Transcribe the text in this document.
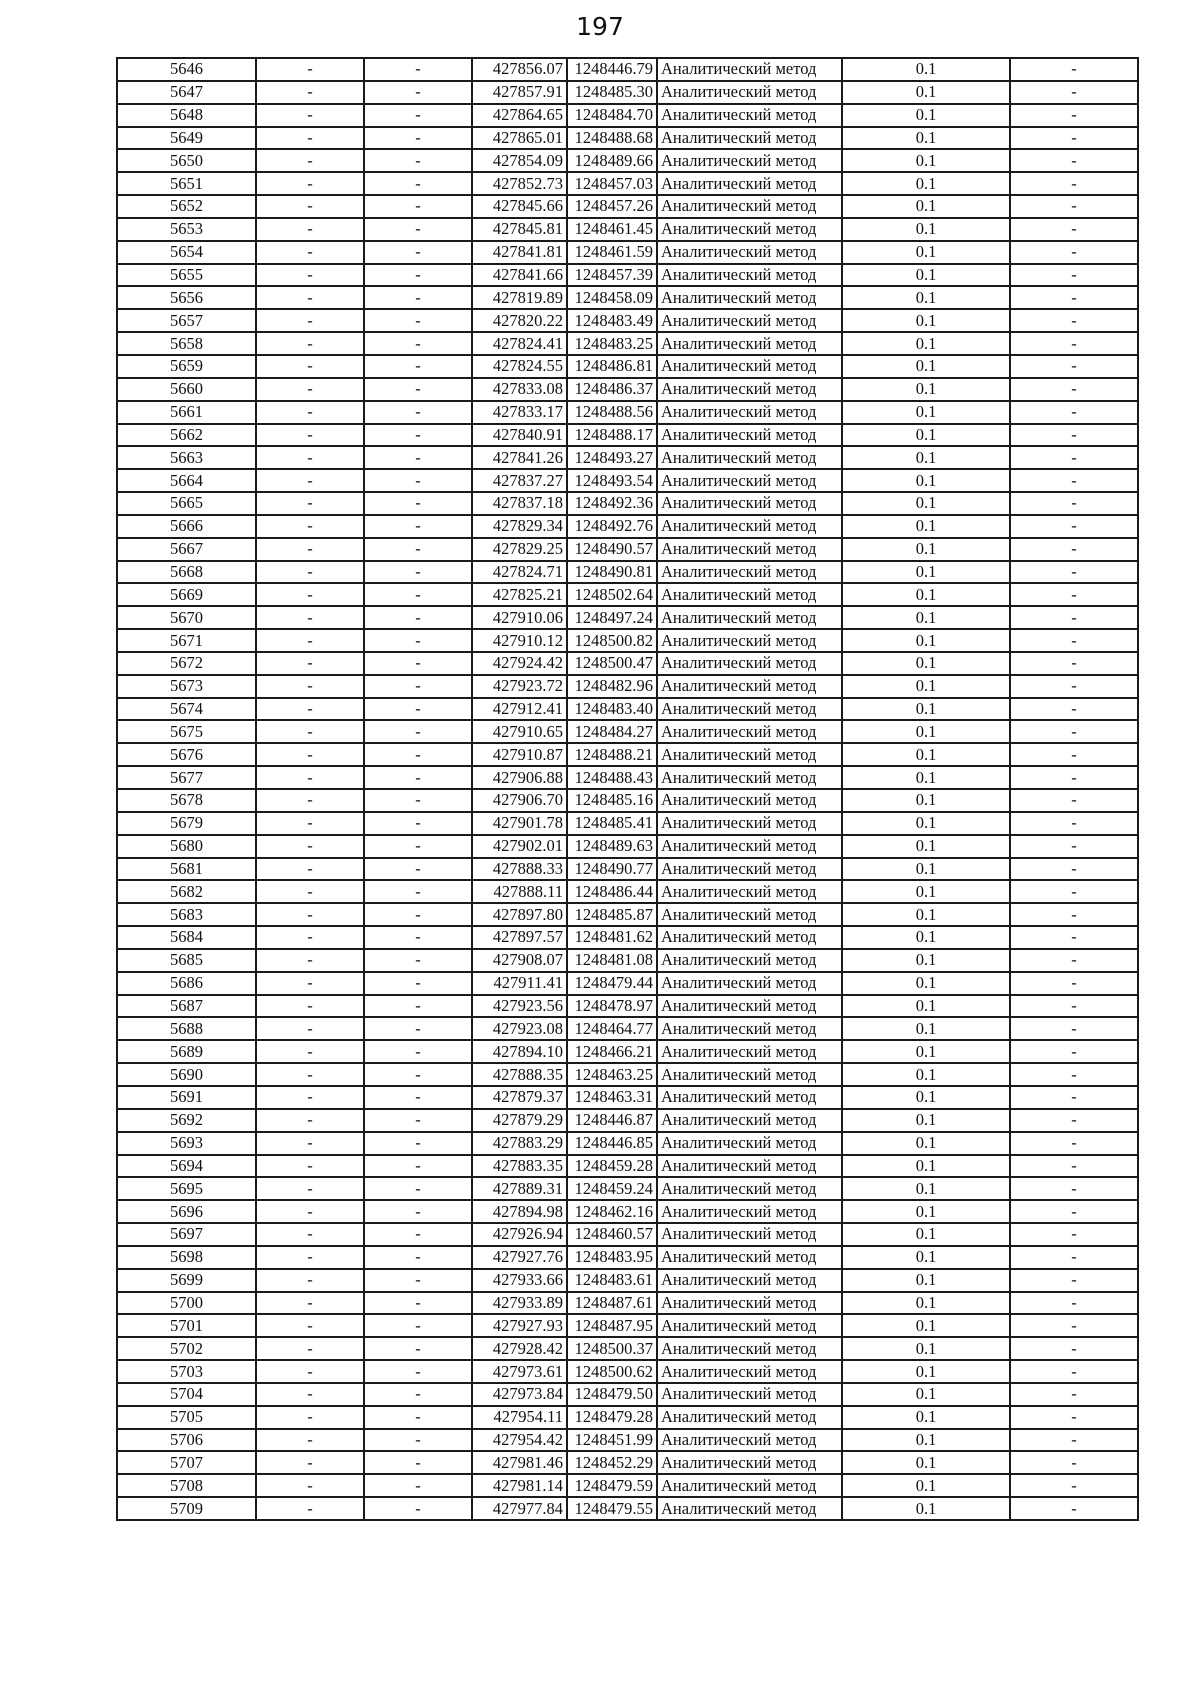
197
5646	-	-	427856.07	1248446.79	Аналитический метод	0.1	-
5647	-	-	427857.91	1248485.30	Аналитический метод	0.1	-
5648	-	-	427864.65	1248484.70	Аналитический метод	0.1	-
5649	-	-	427865.01	1248488.68	Аналитический метод	0.1	-
5650	-	-	427854.09	1248489.66	Аналитический метод	0.1	-
5651	-	-	427852.73	1248457.03	Аналитический метод	0.1	-
5652	-	-	427845.66	1248457.26	Аналитический метод	0.1	-
5653	-	-	427845.81	1248461.45	Аналитический метод	0.1	-
5654	-	-	427841.81	1248461.59	Аналитический метод	0.1	-
5655	-	-	427841.66	1248457.39	Аналитический метод	0.1	-
5656	-	-	427819.89	1248458.09	Аналитический метод	0.1	-
5657	-	-	427820.22	1248483.49	Аналитический метод	0.1	-
5658	-	-	427824.41	1248483.25	Аналитический метод	0.1	-
5659	-	-	427824.55	1248486.81	Аналитический метод	0.1	-
5660	-	-	427833.08	1248486.37	Аналитический метод	0.1	-
5661	-	-	427833.17	1248488.56	Аналитический метод	0.1	-
5662	-	-	427840.91	1248488.17	Аналитический метод	0.1	-
5663	-	-	427841.26	1248493.27	Аналитический метод	0.1	-
5664	-	-	427837.27	1248493.54	Аналитический метод	0.1	-
5665	-	-	427837.18	1248492.36	Аналитический метод	0.1	-
5666	-	-	427829.34	1248492.76	Аналитический метод	0.1	-
5667	-	-	427829.25	1248490.57	Аналитический метод	0.1	-
5668	-	-	427824.71	1248490.81	Аналитический метод	0.1	-
5669	-	-	427825.21	1248502.64	Аналитический метод	0.1	-
5670	-	-	427910.06	1248497.24	Аналитический метод	0.1	-
5671	-	-	427910.12	1248500.82	Аналитический метод	0.1	-
5672	-	-	427924.42	1248500.47	Аналитический метод	0.1	-
5673	-	-	427923.72	1248482.96	Аналитический метод	0.1	-
5674	-	-	427912.41	1248483.40	Аналитический метод	0.1	-
5675	-	-	427910.65	1248484.27	Аналитический метод	0.1	-
5676	-	-	427910.87	1248488.21	Аналитический метод	0.1	-
5677	-	-	427906.88	1248488.43	Аналитический метод	0.1	-
5678	-	-	427906.70	1248485.16	Аналитический метод	0.1	-
5679	-	-	427901.78	1248485.41	Аналитический метод	0.1	-
5680	-	-	427902.01	1248489.63	Аналитический метод	0.1	-
5681	-	-	427888.33	1248490.77	Аналитический метод	0.1	-
5682	-	-	427888.11	1248486.44	Аналитический метод	0.1	-
5683	-	-	427897.80	1248485.87	Аналитический метод	0.1	-
5684	-	-	427897.57	1248481.62	Аналитический метод	0.1	-
5685	-	-	427908.07	1248481.08	Аналитический метод	0.1	-
5686	-	-	427911.41	1248479.44	Аналитический метод	0.1	-
5687	-	-	427923.56	1248478.97	Аналитический метод	0.1	-
5688	-	-	427923.08	1248464.77	Аналитический метод	0.1	-
5689	-	-	427894.10	1248466.21	Аналитический метод	0.1	-
5690	-	-	427888.35	1248463.25	Аналитический метод	0.1	-
5691	-	-	427879.37	1248463.31	Аналитический метод	0.1	-
5692	-	-	427879.29	1248446.87	Аналитический метод	0.1	-
5693	-	-	427883.29	1248446.85	Аналитический метод	0.1	-
5694	-	-	427883.35	1248459.28	Аналитический метод	0.1	-
5695	-	-	427889.31	1248459.24	Аналитический метод	0.1	-
5696	-	-	427894.98	1248462.16	Аналитический метод	0.1	-
5697	-	-	427926.94	1248460.57	Аналитический метод	0.1	-
5698	-	-	427927.76	1248483.95	Аналитический метод	0.1	-
5699	-	-	427933.66	1248483.61	Аналитический метод	0.1	-
5700	-	-	427933.89	1248487.61	Аналитический метод	0.1	-
5701	-	-	427927.93	1248487.95	Аналитический метод	0.1	-
5702	-	-	427928.42	1248500.37	Аналитический метод	0.1	-
5703	-	-	427973.61	1248500.62	Аналитический метод	0.1	-
5704	-	-	427973.84	1248479.50	Аналитический метод	0.1	-
5705	-	-	427954.11	1248479.28	Аналитический метод	0.1	-
5706	-	-	427954.42	1248451.99	Аналитический метод	0.1	-
5707	-	-	427981.46	1248452.29	Аналитический метод	0.1	-
5708	-	-	427981.14	1248479.59	Аналитический метод	0.1	-
5709	-	-	427977.84	1248479.55	Аналитический метод	0.1	-
